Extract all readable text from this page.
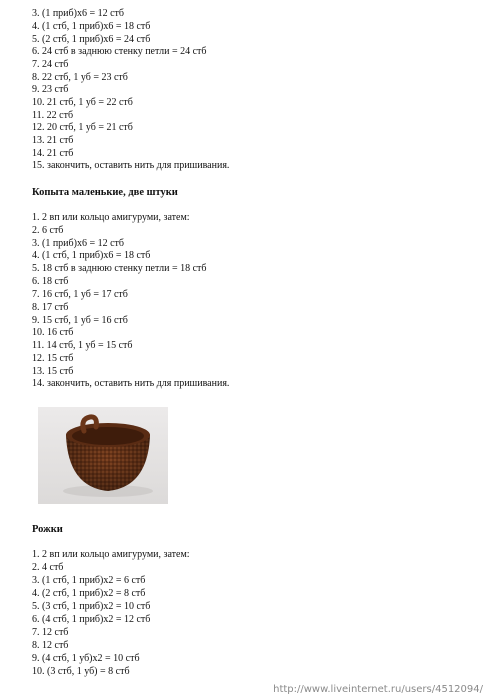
3. (1 приб)х6 = 12 стб
4. (1 стб, 1 приб)х6 = 18 стб
5. (2 стб, 1 приб)х6 = 24 стб
6. 24 стб в заднюю стенку петли = 24 стб
7. 24 стб
8. 22 стб, 1 уб = 23 стб
9. 23 стб
10. 21 стб, 1 уб = 22 стб
11. 22 стб
12. 20 стб, 1 уб = 21 стб
13. 21 стб
14. 21 стб
15. закончить, оставить нить для пришивания.
Копыта маленькие, две штуки
1. 2 вп или кольцо амигуруми, затем:
2. 6 стб
3. (1 приб)х6 = 12 стб
4. (1 стб, 1 приб)х6 = 18 стб
5. 18 стб в заднюю стенку петли = 18 стб
6. 18 стб
7. 16 стб, 1 уб = 17 стб
8. 17 стб
9. 15 стб, 1 уб = 16 стб
10. 16 стб
11. 14 стб, 1 уб = 15 стб
12. 15 стб
13. 15 стб
14. закончить, оставить нить для пришивания.
Рожки
1. 2 вп или кольцо амигуруми, затем:
2. 4 стб
3. (1 стб, 1 приб)х2 = 6 стб
4. (2 стб, 1 приб)х2 = 8 стб
5. (3 стб, 1 приб)х2 = 10 стб
6. (4 стб, 1 приб)х2 = 12 стб
7. 12 стб
8. 12 стб
9. (4 стб, 1 уб)х2 = 10 стб
10. (3 стб, 1 уб) = 8 стб
http://www.liveinternet.ru/users/4512094/
